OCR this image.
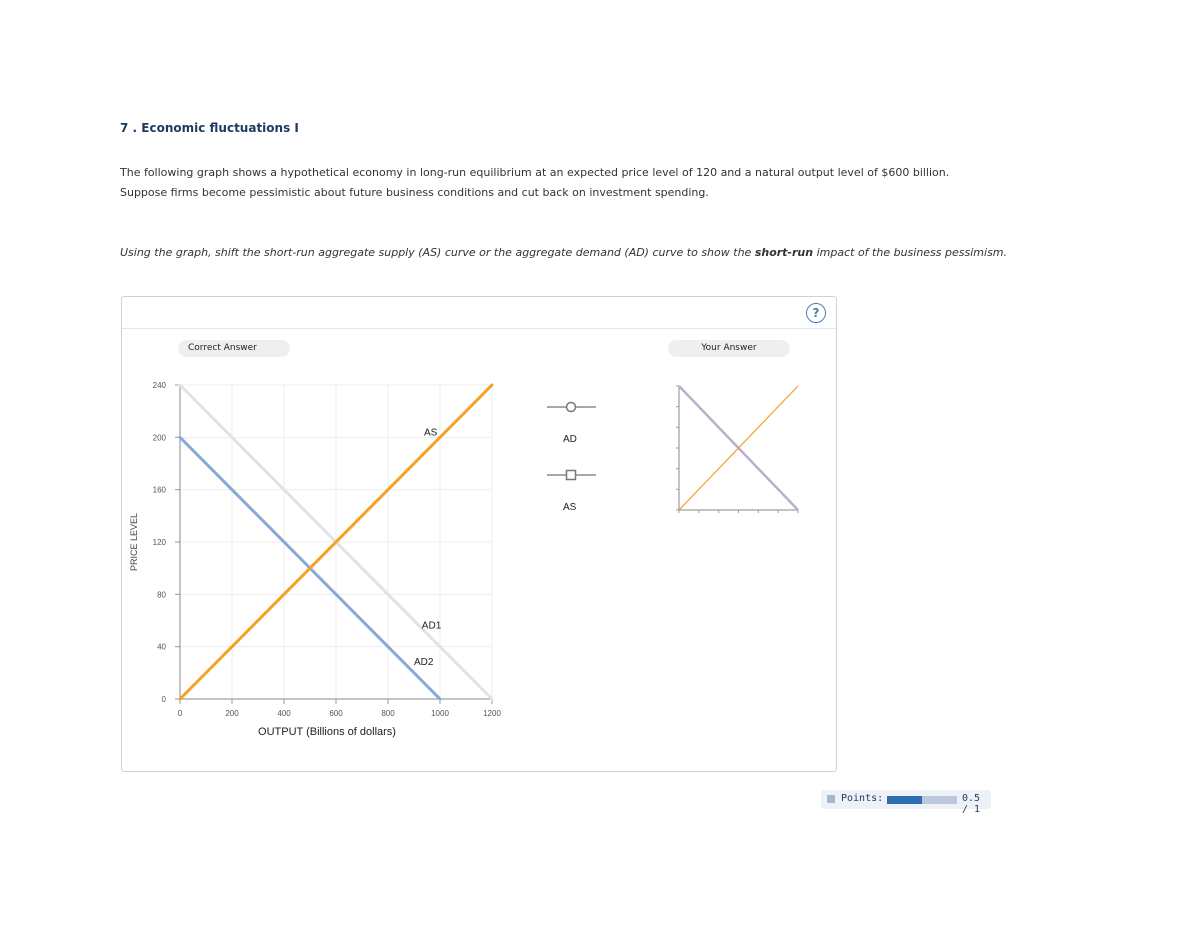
7 . Economic fluctuations I

The following graph shows a hypothetical economy in long-run equilibrium at an expected price level of 120 and a natural output level of $600 billion.

Suppose firms become pessimistic about future business conditions and cut back on investment spending.

Using the graph, shift the short-run aggregate supply (AS) curve or the aggregate demand (AD) curve to show the short-run impact of the business pessimism.
?
Correct Answer	Your Answer
0
40
80
120
160
200
240
0	200	400	600	800	1000	1200
AS
AD1
AD2
OUTPUT (Billions of dollars)
PRICE LEVEL
AD
AS
Points:	0.5 / 1
